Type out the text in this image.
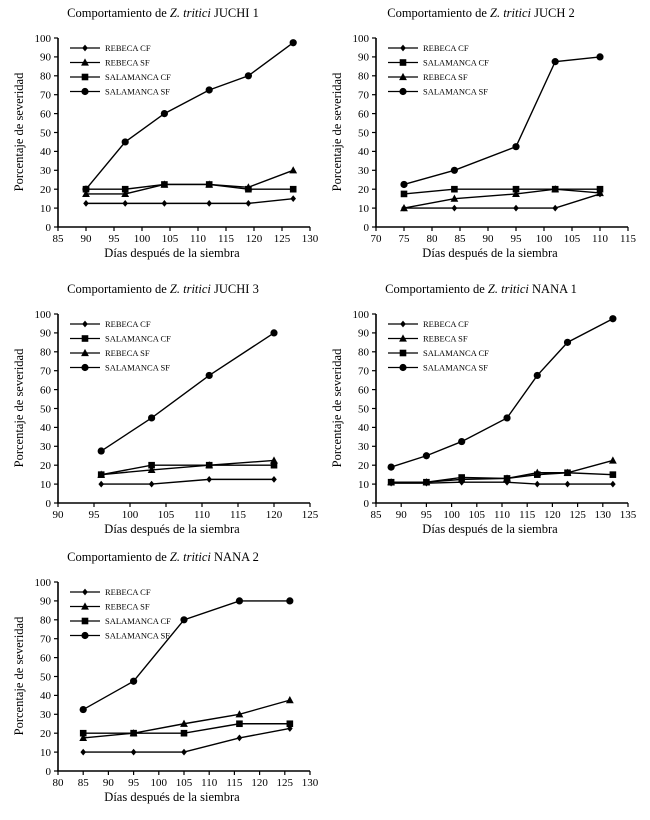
Comportamiento de Z. tritici JUCHI 1
Porcentaje de severidad
0
10
20
30
40
50
60
70
80
90
100
85 90 95 100 105 110 115 120 125 130
REBECA CF
REBECA SF
SALAMANCA CF
SALAMANCA SF
Días después de la siembra
Comportamiento de Z. tritici JUCH 2
Porcentaje de severidad
0
10
20
30
40
50
60
70
80
90
100
70 75 80 85 90 95 100 105 110 115
REBECA CF
SALAMANCA CF
REBECA SF
SALAMANCA SF
Días después de la siembra
Comportamiento de Z. tritici JUCHI 3
Porcentaje de severidad
0
10
20
30
40
50
60
70
80
90
100
90 95 100 105 110 115 120 125
REBECA CF
SALAMANCA CF
REBECA SF
SALAMANCA SF
Días después de la siembra
Comportamiento de Z. tritici NANA 1
Porcentaje de severidad
0
10
20
30
40
50
60
70
80
90
100
85 90 95 100 105 110 115 120 125 130 135
REBECA CF
REBECA SF
SALAMANCA CF
SALAMANCA SF
Días después de la siembra
Comportamiento de Z. tritici NANA 2
Porcentaje de severidad
0
10
20
30
40
50
60
70
80
90
100
80 85 90 95 100 105 110 115 120 125 130
REBECA CF
REBECA SF
SALAMANCA CF
SALAMANCA SF
Días después de la siembra
